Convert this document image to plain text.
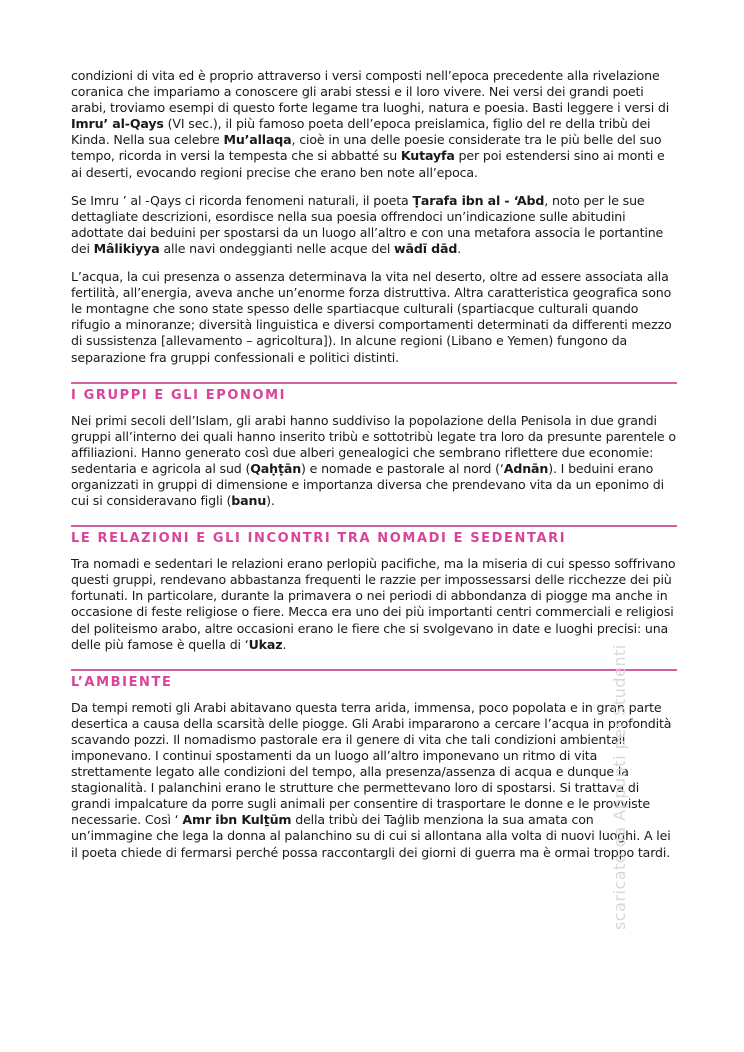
condizioni di vita ed è proprio attraverso i versi composti nell’epoca precedente alla rivelazione coranica che impariamo a conoscere gli arabi stessi e il loro vivere. Nei versi dei grandi poeti arabi, troviamo esempi di questo forte legame tra luoghi, natura e poesia. Basti leggere i versi di Imru’ al-Qays (VI sec.), il più famoso poeta dell’epoca preislamica, figlio del re della tribù dei Kinda. Nella sua celebre Mu’allaqa, cioè in una delle poesie considerate tra le più belle del suo tempo, ricorda in versi la tempesta che si abbatté su Kutayfa per poi estendersi sino ai monti e ai deserti, evocando regioni precise che erano ben note all’epoca.

Se Imru ’ al -Qays ci ricorda fenomeni naturali, il poeta Ṭarafa ibn al - ‘Abd, noto per le sue dettagliate descrizioni, esordisce nella sua poesia offrendoci un’indicazione sulle abitudini adottate dai beduini per spostarsi da un luogo all’altro e con una metafora associa le portantine dei Mâlikiyya alle navi ondeggianti nelle acque del wādī dād.

L’acqua, la cui presenza o assenza determinava la vita nel deserto, oltre ad essere associata alla fertilità, all’energia, aveva anche un’enorme forza distruttiva. Altra caratteristica geografica sono le montagne che sono state spesso delle spartiacque culturali (spartiacque culturali quando rifugio a minoranze; diversità linguistica e diversi comportamenti determinati da differenti mezzo di sussistenza [allevamento – agricoltura]). In alcune regioni (Libano e Yemen) fungono da separazione fra gruppi confessionali e politici distinti.

I GRUPPI E GLI EPONOMI

Nei primi secoli dell’Islam, gli arabi hanno suddiviso la popolazione della Penisola in due grandi gruppi all’interno dei quali hanno inserito tribù e sottotribù legate tra loro da presunte parentele o affiliazioni. Hanno generato così due alberi genealogici che sembrano riflettere due economie: sedentaria e agricola al sud (Qaḥṭān) e nomade e pastorale al nord (‘Adnān). I beduini erano organizzati in gruppi di dimensione e importanza diversa che prendevano vita da un eponimo di cui si consideravano figli (banu).

LE RELAZIONI E GLI INCONTRI TRA NOMADI E SEDENTARI

Tra nomadi e sedentari le relazioni erano perlopiù pacifiche, ma la miseria di cui spesso soffrivano questi gruppi, rendevano abbastanza frequenti le razzie per impossessarsi delle ricchezze dei più fortunati. In particolare, durante la primavera o nei periodi di abbondanza di piogge ma anche in occasione di feste religiose o fiere. Mecca era uno dei più importanti centri commerciali e religiosi del politeismo arabo, altre occasioni erano le fiere che si svolgevano in date e luoghi precisi: una delle più famose è quella di ‘Ukaz.

L’AMBIENTE

Da tempi remoti gli Arabi abitavano questa terra arida, immensa, poco popolata e in gran parte desertica a causa della scarsità delle piogge. Gli Arabi impararono a cercare l’acqua in profondità scavando pozzi. Il nomadismo pastorale era il genere di vita che tali condizioni ambientali imponevano. I continui spostamenti da un luogo all’altro imponevano un ritmo di vita strettamente legato alle condizioni del tempo, alla presenza/assenza di acqua e dunque la stagionalità. I palanchini erano le strutture che permettevano loro di spostarsi. Si trattava di grandi impalcature da porre sugli animali per consentire di trasportare le donne e le provviste necessarie. Così ‘ Amr ibn Kulṯūm della tribù dei Taġlib menziona la sua amata con un’immagine che lega la donna al palanchino su di cui si allontana alla volta di nuovi luoghi. A lei il poeta chiede di fermarsi perché possa raccontargli dei giorni di guerra ma è ormai troppo tardi.

scaricato da Appunti per Studenti
